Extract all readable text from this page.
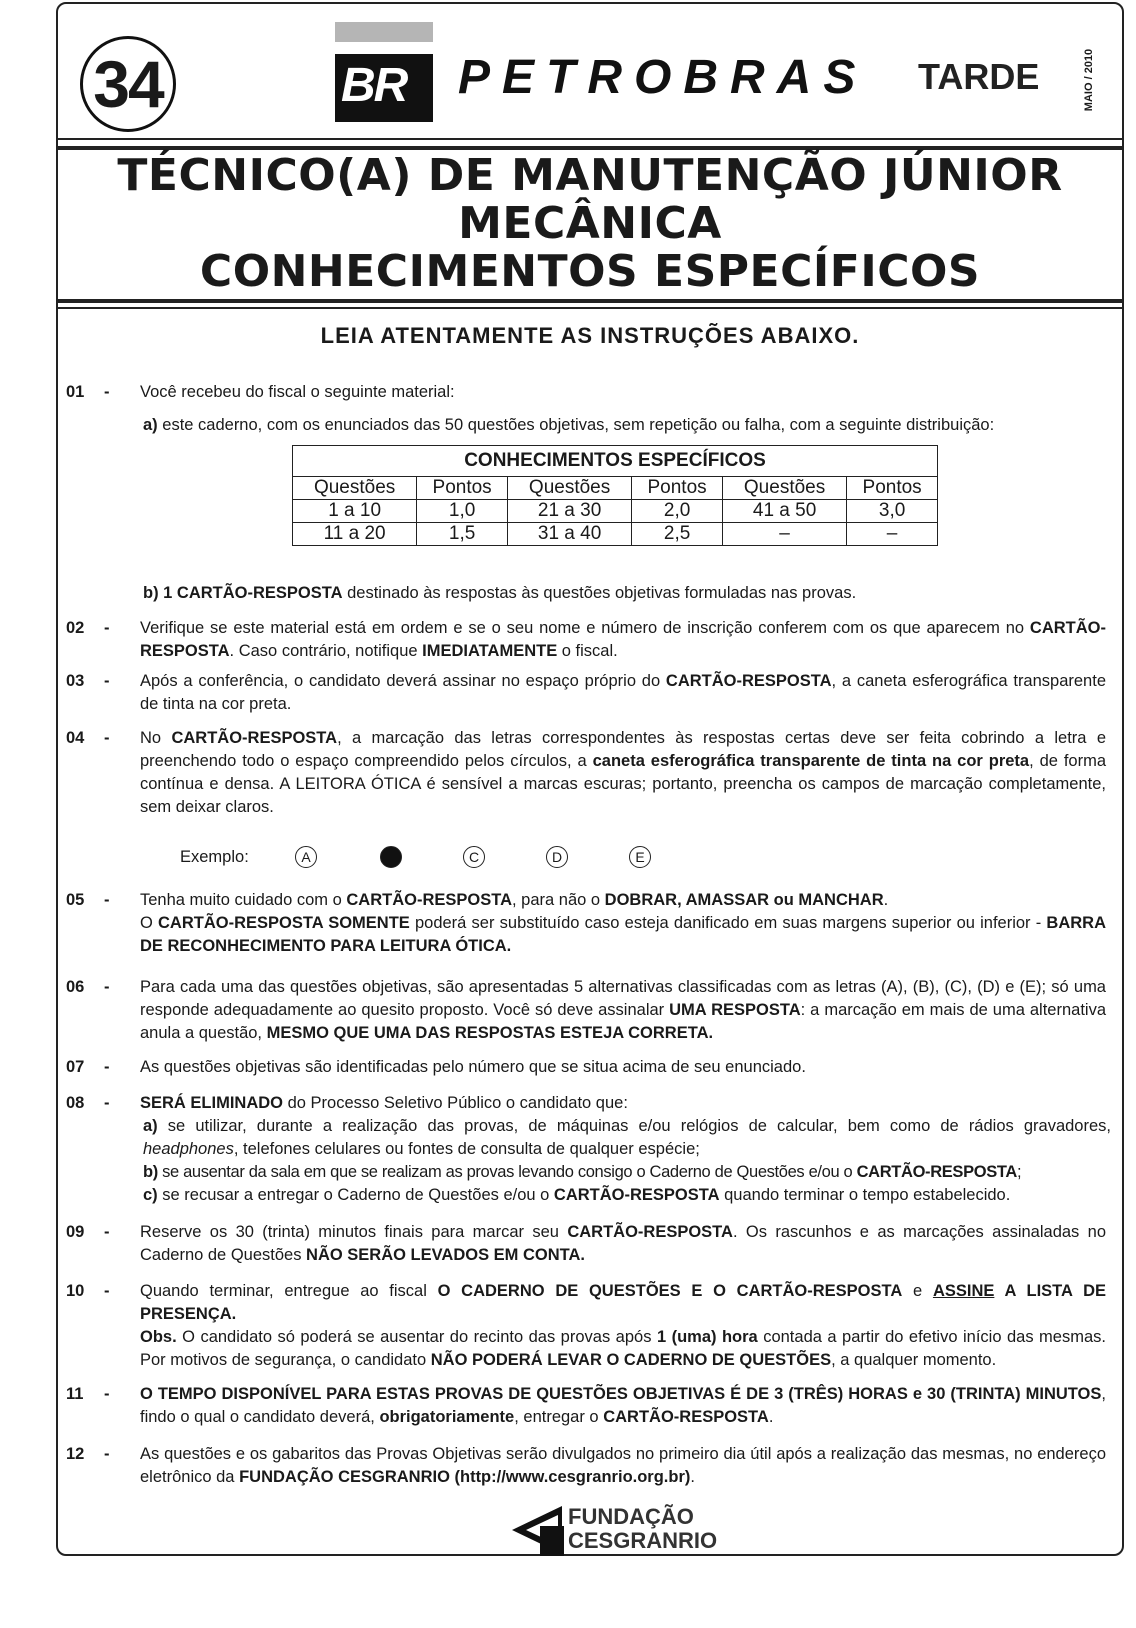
34	BR PETROBRAS TARDE	MAIO / 2010
TÉCNICO(A) DE MANUTENÇÃO JÚNIOR
MECÂNICA
CONHECIMENTOS ESPECÍFICOS
LEIA ATENTAMENTE AS INSTRUÇÕES ABAIXO.
01 - Você recebeu do fiscal o seguinte material:
a) este caderno, com os enunciados das 50 questões objetivas, sem repetição ou falha, com a seguinte distribuição:
CONHECIMENTOS ESPECÍFICOS					
Questões	Pontos	Questões	Pontos	Questões	Pontos
1 a 10	1,0	21 a 30	2,0	41 a 50	3,0
11 a 20	1,5	31 a 40	2,5	–	–
b) 1 CARTÃO-RESPOSTA destinado às respostas às questões objetivas formuladas nas provas.
02 - Verifique se este material está em ordem e se o seu nome e número de inscrição conferem com os que aparecem no CARTÃO-RESPOSTA. Caso contrário, notifique IMEDIATAMENTE o fiscal.
03 - Após a conferência, o candidato deverá assinar no espaço próprio do CARTÃO-RESPOSTA, a caneta esferográfica transparente de tinta na cor preta.
04 - No CARTÃO-RESPOSTA, a marcação das letras correspondentes às respostas certas deve ser feita cobrindo a letra e preenchendo todo o espaço compreendido pelos círculos, a caneta esferográfica transparente de tinta na cor preta, de forma contínua e densa. A LEITORA ÓTICA é sensível a marcas escuras; portanto, preencha os campos de marcação completamente, sem deixar claros.
Exemplo:	A	C	D	E
05 - Tenha muito cuidado com o CARTÃO-RESPOSTA, para não o DOBRAR, AMASSAR ou MANCHAR.
O CARTÃO-RESPOSTA SOMENTE poderá ser substituído caso esteja danificado em suas margens superior ou inferior - BARRA DE RECONHECIMENTO PARA LEITURA ÓTICA.
06 - Para cada uma das questões objetivas, são apresentadas 5 alternativas classificadas com as letras (A), (B), (C), (D) e (E); só uma responde adequadamente ao quesito proposto. Você só deve assinalar UMA RESPOSTA: a marcação em mais de uma alternativa anula a questão, MESMO QUE UMA DAS RESPOSTAS ESTEJA CORRETA.
07 - As questões objetivas são identificadas pelo número que se situa acima de seu enunciado.
08 - SERÁ ELIMINADO do Processo Seletivo Público o candidato que:
a) se utilizar, durante a realização das provas, de máquinas e/ou relógios de calcular, bem como de rádios gravadores, headphones, telefones celulares ou fontes de consulta de qualquer espécie;
b) se ausentar da sala em que se realizam as provas levando consigo o Caderno de Questões e/ou o CARTÃO-RESPOSTA;
c) se recusar a entregar o Caderno de Questões e/ou o CARTÃO-RESPOSTA quando terminar o tempo estabelecido.
09 - Reserve os 30 (trinta) minutos finais para marcar seu CARTÃO-RESPOSTA. Os rascunhos e as marcações assinaladas no Caderno de Questões NÃO SERÃO LEVADOS EM CONTA.
10 - Quando terminar, entregue ao fiscal O CADERNO DE QUESTÕES E O CARTÃO-RESPOSTA e ASSINE A LISTA DE PRESENÇA.
Obs. O candidato só poderá se ausentar do recinto das provas após 1 (uma) hora contada a partir do efetivo início das mesmas. Por motivos de segurança, o candidato NÃO PODERÁ LEVAR O CADERNO DE QUESTÕES, a qualquer momento.
11 - O TEMPO DISPONÍVEL PARA ESTAS PROVAS DE QUESTÕES OBJETIVAS É DE 3 (TRÊS) HORAS e 30 (TRINTA) MINUTOS, findo o qual o candidato deverá, obrigatoriamente, entregar o CARTÃO-RESPOSTA.
12 - As questões e os gabaritos das Provas Objetivas serão divulgados no primeiro dia útil após a realização das mesmas, no endereço eletrônico da FUNDAÇÃO CESGRANRIO (http://www.cesgranrio.org.br).
FUNDAÇÃO
CESGRANRIO
